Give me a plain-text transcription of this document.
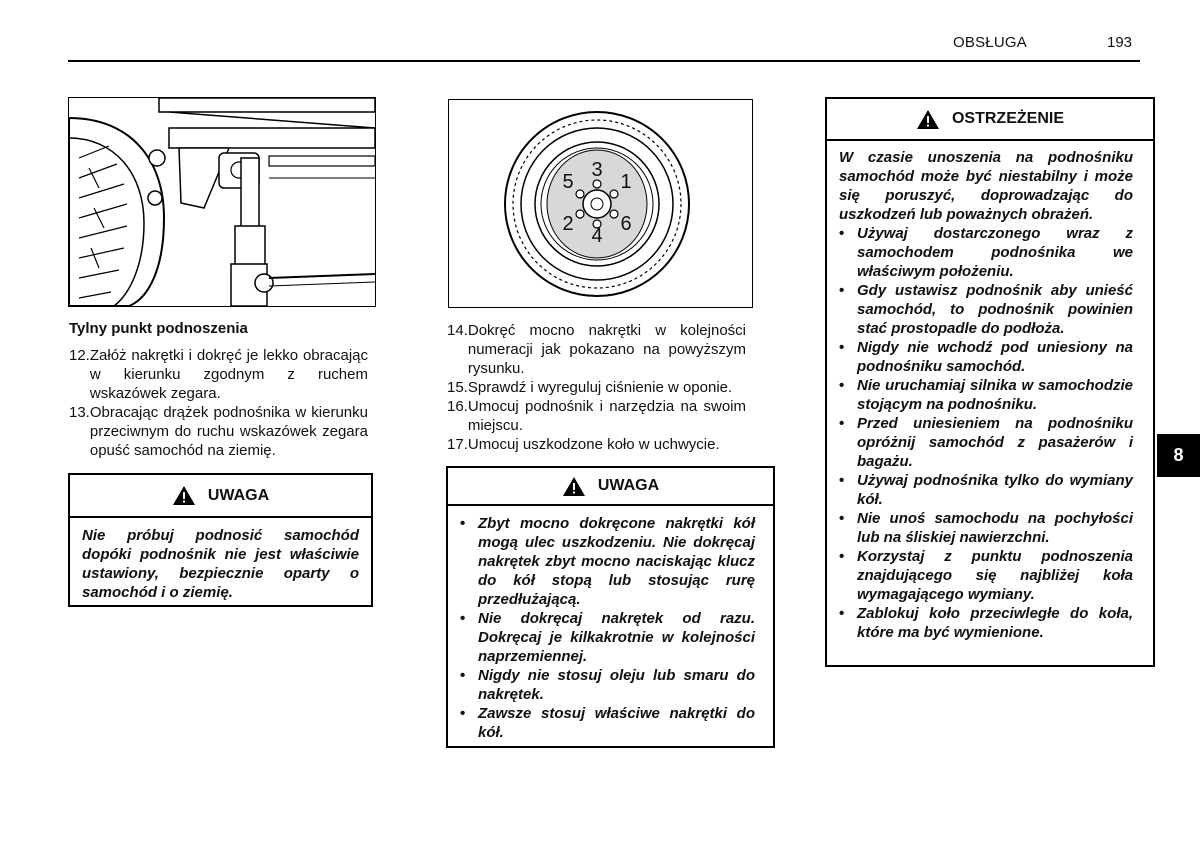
OBSŁUGA	193
1
2
3
4
5
6
Tylny punkt podnoszenia
12. Załóż nakrętki i dokręć je lekko obracając w kierunku zgodnym z ruchem wskazówek zegara.
13. Obracając drążek podnośnika w kierunku przeciwnym do ruchu wskazówek zegara opuść samochód na ziemię.
UWAGA

Nie próbuj podnosić samochód dopóki podnośnik nie jest właściwie ustawiony, bezpiecznie oparty o samochód i o ziemię.

14. Dokręć mocno nakrętki w kolejności numeracji jak pokazano na powyższym rysunku.
15. Sprawdź i wyreguluj ciśnienie w oponie.
16. Umocuj podnośnik i narzędzia na swoim miejscu.
17. Umocuj uszkodzone koło w uchwycie.
UWAGA
• Zbyt mocno dokręcone nakrętki kół mogą ulec uszkodzeniu. Nie dokręcaj nakrętek zbyt mocno naciskając klucz do kół stopą lub stosując rurę przedłużającą.
• Nie dokręcaj nakrętek od razu. Dokręcaj je kilkakrotnie w kolejności naprzemiennej.
• Nigdy nie stosuj oleju lub smaru do nakrętek.
• Zawsze stosuj właściwe nakrętki do kół.
OSTRZEŻENIE

W czasie unoszenia na podnośniku samochód może być niestabilny i może się poruszyć, doprowadzając do uszkodzeń lub poważnych obrażeń.

• Używaj dostarczonego wraz z samochodem podnośnika we właściwym położeniu.
• Gdy ustawisz podnośnik aby unieść samochód, to podnośnik powinien stać prostopadle do podłoża.
• Nigdy nie wchodź pod uniesiony na podnośniku samochód.
• Nie uruchamiaj silnika w samochodzie stojącym na podnośniku.
• Przed uniesieniem na podnośniku opróżnij samochód z pasażerów i bagażu.
• Używaj podnośnika tylko do wymiany kół.
• Nie unoś samochodu na pochyłości lub na śliskiej nawierzchni.
• Korzystaj z punktu podnoszenia znajdującego się najbliżej koła wymagającego wymiany.
• Zablokuj koło przeciwległe do koła, które ma być wymienione.
8
